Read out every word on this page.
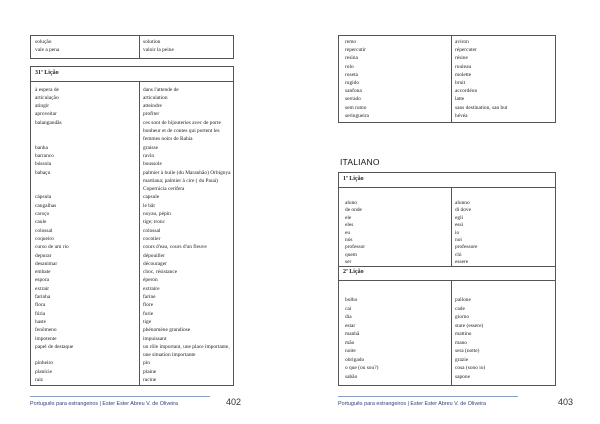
solução	solution
vale a pena	valoir la peine
31ª Lição
à espera de	dans l'attende de
articulação	articulation
atingir	atteindre
aproveitar	profiter
balangandãs	ces sont de bijouteries avec de porte
bonheur et de contes qui portent les
femmes noirs de Bahia
banha	graisse
barranco	ravin
bússola	boussole
babaçu	palmier à huile (du Maranhão) Orbignya
martiana; palmier à cire ( du Pauá)
Copernicia cerifera
cápsula	capsule
cangalhas	le bât
caroço	noyau, pépin
caule	tige; tronc
colossal	colossal
coqueiro	cocotier
curso de um rio	cours d'eau, cours d'un fleuve
depurar	dépouiller
desanimar	décourager
embate	choc, résistance
espora	éperon
extrair	extraire
farinha	farine
flora	flore
fúria	furie
haste	tige
fenômeno	phénomène grandiose
impotente	impuissant
papel de destaque	un rôle important, une place importante,
une situation importante
pinheiro	pin
planície	plaine
raiz	racine
Português para estrangeiros | Ester Ester Abreu V. de Oliveira	402
remo	aviron
repercutir	répercuter
resina	résine
rolo	rouleau
roseta	molette
rugido	bruit
sanfona	accordéon
serrado	latte
sem rumo	sans destination, san but
seringueira	hévéa
ITALIANO
1ª Lição
2ª Lição
aluno	alunno
de onde	di dove
ele	egli
eles	essi
eu	io
nós	noi
professor	professore
quem	chi
ser	essere
bolho	pallone
cai	cade
dia	giorno
estar	stare (essere)
manhã	mattino
mão	mano
noite	sera (notte)
obrigado	grazie
o que (ou sou?)	cosa (sono io)
sabão	sapone
Português para estrangeiros | Ester Ester Abreu V. de Oliveira	403
